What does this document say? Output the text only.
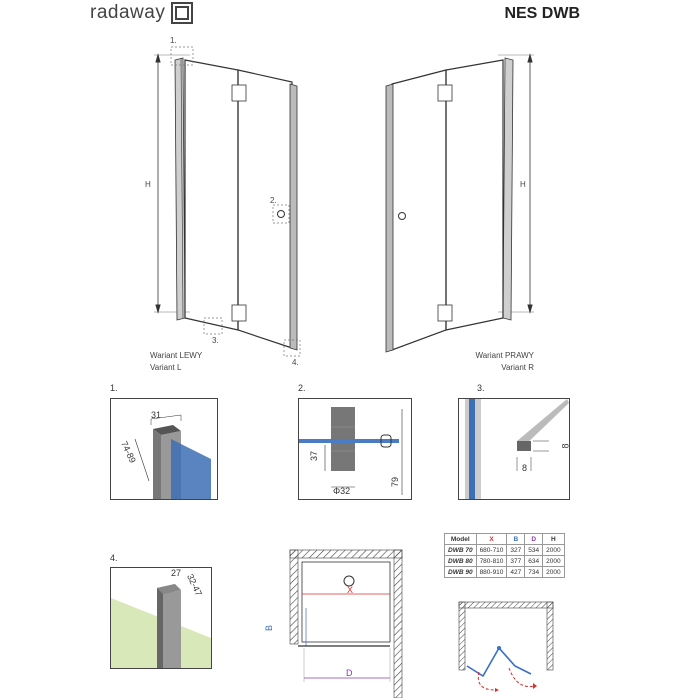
radaway	NES DWB
H	H
1.
2.
3.
4.
Wariant LEWY
Variant L
Wariant PRAWY
Variant R
1.
31
74-89
2.
37
79
Φ32
3.
8
8
4.
27 32-47
Model	X	B	D	H
DWB 70	680-710	327	534	2000
DWB 80	780-810	377	634	2000
DWB 90	880-910	427	734	2000
X
B
D
